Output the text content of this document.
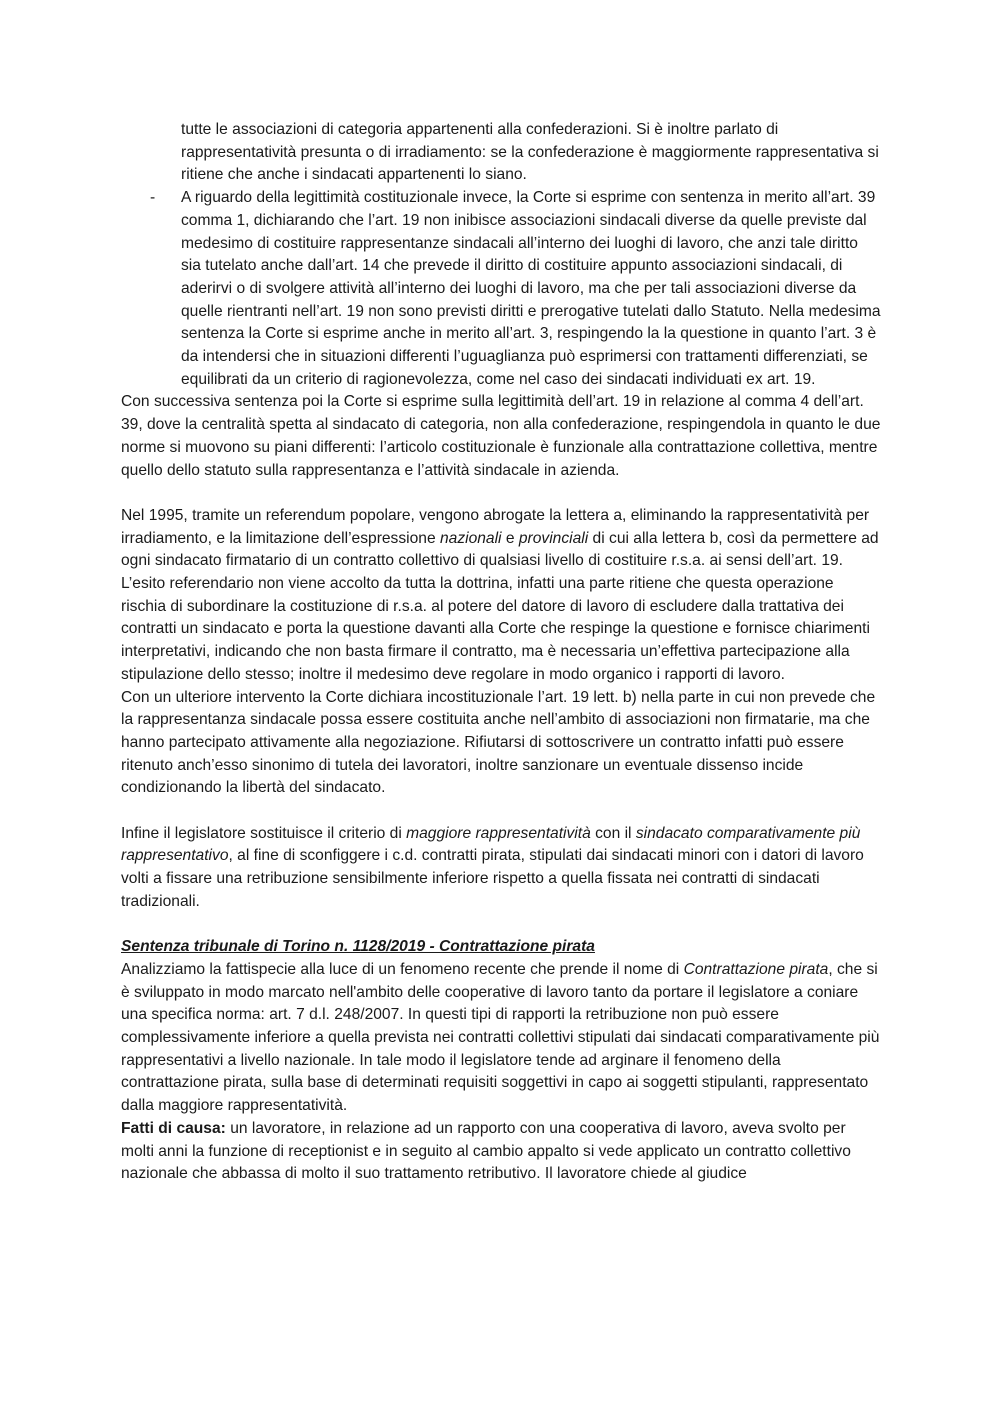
tutte le associazioni di categoria appartenenti alla confederazioni. Si è inoltre parlato di rappresentatività presunta o di irradiamento: se la confederazione è maggiormente rappresentativa si ritiene che anche i sindacati appartenenti lo siano.

- A riguardo della legittimità costituzionale invece, la Corte si esprime con sentenza in merito all’art. 39 comma 1, dichiarando che l’art. 19 non inibisce associazioni sindacali diverse da quelle previste dal medesimo di costituire rappresentanze sindacali all’interno dei luoghi di lavoro, che anzi tale diritto sia tutelato anche dall’art. 14 che prevede il diritto di costituire appunto associazioni sindacali, di aderirvi o di svolgere attività all’interno dei luoghi di lavoro, ma che per tali associazioni diverse da quelle rientranti nell’art. 19 non sono previsti diritti e prerogative tutelati dallo Statuto. Nella medesima sentenza la Corte si esprime anche in merito all’art. 3, respingendo la la questione in quanto l’art. 3 è da intendersi che in situazioni differenti l’uguaglianza può esprimersi con trattamenti differenziati, se equilibrati da un criterio di ragionevolezza, come nel caso dei sindacati individuati ex art. 19.

Con successiva sentenza poi la Corte si esprime sulla legittimità dell’art. 19 in relazione al comma 4 dell’art. 39, dove la centralità spetta al sindacato di categoria, non alla confederazione, respingendola in quanto le due norme si muovono su piani differenti: l’articolo costituzionale è funzionale alla contrattazione collettiva, mentre quello dello statuto sulla rappresentanza e l’attività sindacale in azienda.

Nel 1995, tramite un referendum popolare, vengono abrogate la lettera a, eliminando la rappresentatività per irradiamento, e la limitazione dell’espressione nazionali e provinciali di cui alla lettera b, così da permettere ad ogni sindacato firmatario di un contratto collettivo di qualsiasi livello di costituire r.s.a. ai sensi dell’art. 19. L’esito referendario non viene accolto da tutta la dottrina, infatti una parte ritiene che questa operazione rischia di subordinare la costituzione di r.s.a. al potere del datore di lavoro di escludere dalla trattativa dei contratti un sindacato e porta la questione davanti alla Corte che respinge la questione e fornisce chiarimenti interpretativi, indicando che non basta firmare il contratto, ma è necessaria un’effettiva partecipazione alla stipulazione dello stesso; inoltre il medesimo deve regolare in modo organico i rapporti di lavoro.

Con un ulteriore intervento la Corte dichiara incostituzionale l’art. 19 lett. b) nella parte in cui non prevede che la rappresentanza sindacale possa essere costituita anche nell’ambito di associazioni non firmatarie, ma che hanno partecipato attivamente alla negoziazione. Rifiutarsi di sottoscrivere un contratto infatti può essere ritenuto anch’esso sinonimo di tutela dei lavoratori, inoltre sanzionare un eventuale dissenso incide condizionando la libertà del sindacato.

Infine il legislatore sostituisce il criterio di maggiore rappresentatività con il sindacato comparativamente più rappresentativo, al fine di sconfiggere i c.d. contratti pirata, stipulati dai sindacati minori con i datori di lavoro volti a fissare una retribuzione sensibilmente inferiore rispetto a quella fissata nei contratti di sindacati tradizionali.

Sentenza tribunale di Torino n. 1128/2019 - Contrattazione pirata

Analizziamo la fattispecie alla luce di un fenomeno recente che prende il nome di Contrattazione pirata, che si è sviluppato in modo marcato nell'ambito delle cooperative di lavoro tanto da portare il legislatore a coniare una specifica norma: art. 7 d.l. 248/2007. In questi tipi di rapporti la retribuzione non può essere complessivamente inferiore a quella prevista nei contratti collettivi stipulati dai sindacati comparativamente più rappresentativi a livello nazionale. In tale modo il legislatore tende ad arginare il fenomeno della contrattazione pirata, sulla base di determinati requisiti soggettivi in capo ai soggetti stipulanti, rappresentato dalla maggiore rappresentatività.

Fatti di causa: un lavoratore, in relazione ad un rapporto con una cooperativa di lavoro, aveva svolto per molti anni la funzione di receptionist e in seguito al cambio appalto si vede applicato un contratto collettivo nazionale che abbassa di molto il suo trattamento retributivo. Il lavoratore chiede al giudice
